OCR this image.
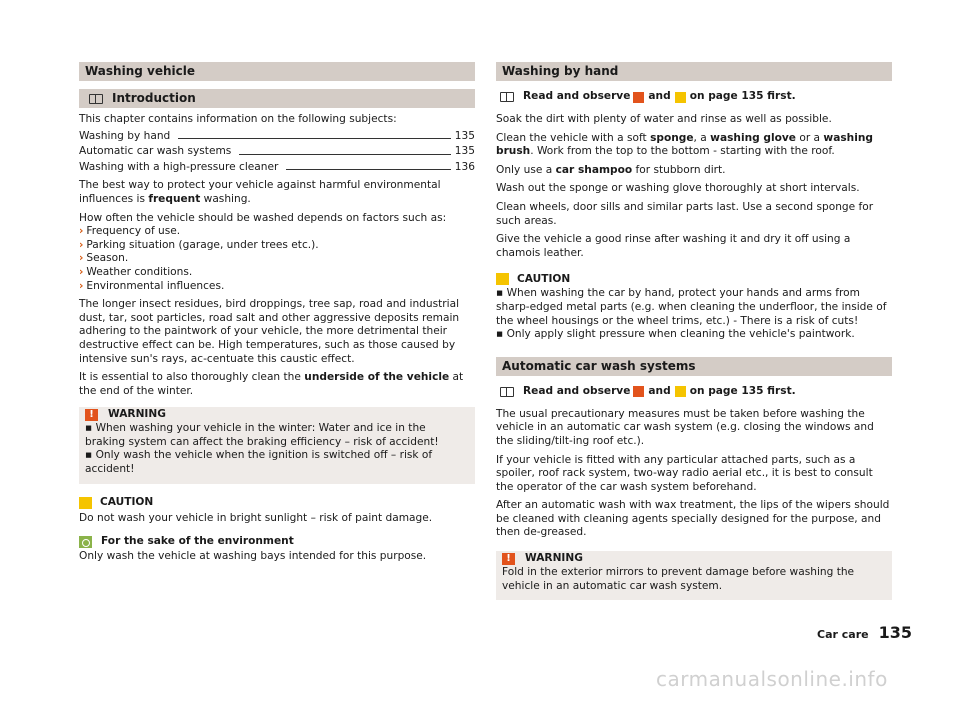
Washing vehicle
Introduction

This chapter contains information on the following subjects:

Washing by hand	135
Automatic car wash systems	135
Washing with a high-pressure cleaner	136

The best way to protect your vehicle against harmful environmental influences is frequent washing.

How often the vehicle should be washed depends on factors such as:

› Frequency of use.
› Parking situation (garage, under trees etc.).
› Season.
› Weather conditions.
› Environmental influences.

The longer insect residues, bird droppings, tree sap, road and industrial dust, tar, soot particles, road salt and other aggressive deposits remain adhering to the paintwork of your vehicle, the more detrimental their destructive effect can be. High temperatures, such as those caused by intensive sun's rays, ac-centuate this caustic effect.

It is essential to also thoroughly clean the underside of the vehicle at the end of the winter.

!	WARNING
▪ When washing your vehicle in the winter: Water and ice in the braking system can affect the braking efficiency – risk of accident!
▪ Only wash the vehicle when the ignition is switched off – risk of accident!
CAUTION
Do not wash your vehicle in bright sunlight – risk of paint damage.
For the sake of the environment
Only wash the vehicle at washing bays intended for this purpose.
Washing by hand
Read and observe and on page 135 first.

Soak the dirt with plenty of water and rinse as well as possible.

Clean the vehicle with a soft sponge, a washing glove or a washing brush. Work from the top to the bottom - starting with the roof.

Only use a car shampoo for stubborn dirt.

Wash out the sponge or washing glove thoroughly at short intervals.

Clean wheels, door sills and similar parts last. Use a second sponge for such areas.

Give the vehicle a good rinse after washing it and dry it off using a chamois leather.

CAUTION
▪ When washing the car by hand, protect your hands and arms from sharp-edged metal parts (e.g. when cleaning the underfloor, the inside of the wheel housings or the wheel trims, etc.) - There is a risk of cuts!
▪ Only apply slight pressure when cleaning the vehicle's paintwork.
Automatic car wash systems
Read and observe and on page 135 first.

The usual precautionary measures must be taken before washing the vehicle in an automatic car wash system (e.g. closing the windows and the sliding/tilt-ing roof etc.).

If your vehicle is fitted with any particular attached parts, such as a spoiler, roof rack system, two-way radio aerial etc., it is best to consult the operator of the car wash system beforehand.

After an automatic wash with wax treatment, the lips of the wipers should be cleaned with cleaning agents specially designed for the purpose, and then de-greased.

!	WARNING
Fold in the exterior mirrors to prevent damage before washing the vehicle in an automatic car wash system.
Car care 135
carmanualsonline.info
